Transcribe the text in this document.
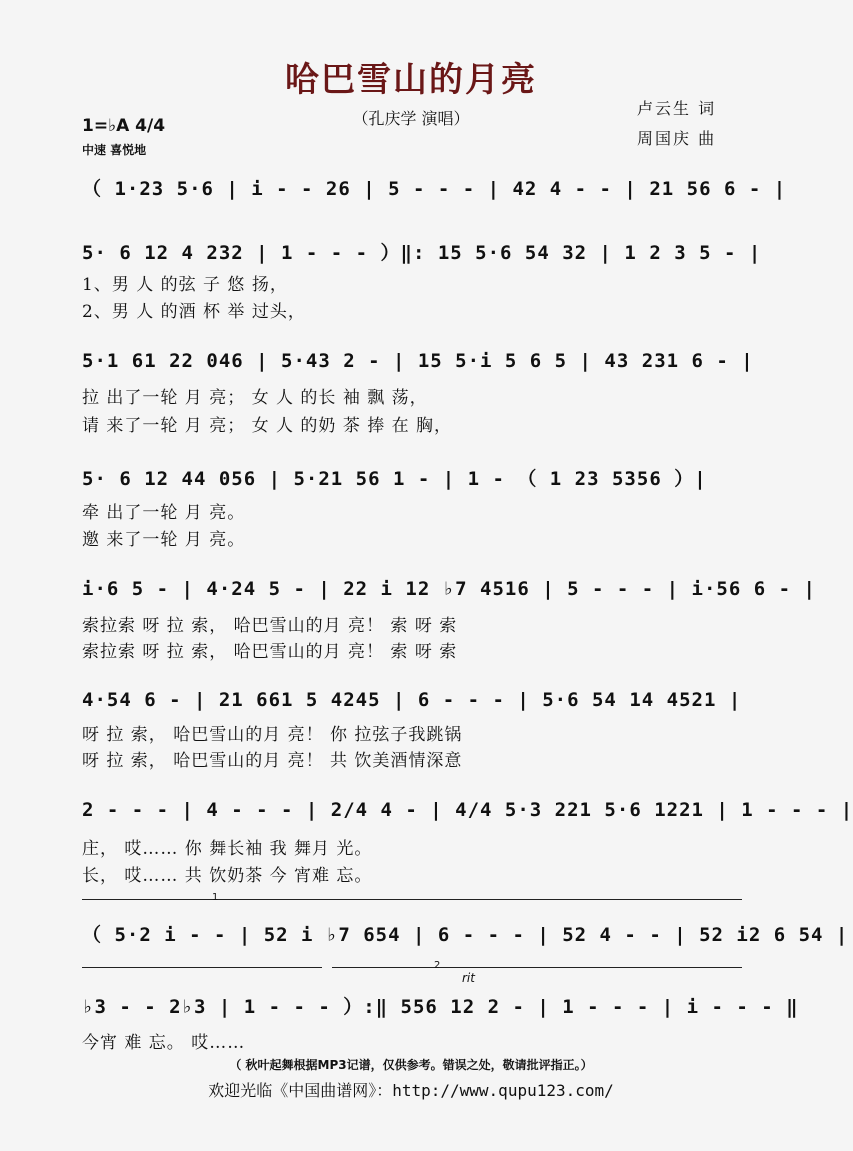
哈巴雪山的月亮
（孔庆学 演唱）
卢云生 词
周国庆 曲
1=♭A 4/4
中速 喜悦地
（ 1·23 5·6 | i - - 26 | 5 - - - | 42 4 - - | 21 56 6 - |
5· 6 12 4 232 | 1 - - - ）‖: 15 5·6 54 32 | 1 2 3 5 - |
1、男 人 的弦 子 悠 扬，
2、男 人 的酒 杯 举 过头，
5·1 61 22 046 | 5·43 2 - | 15 5·i 5 6 5 | 43 231 6 - |
拉 出了一轮 月 亮； 女 人 的长 袖 飘 荡，
请 来了一轮 月 亮； 女 人 的奶 茶 捧 在 胸，
5· 6 12 44 056 | 5·21 56 1 - | 1 - （ 1 23 5356 ）|
牵 出了一轮 月 亮。
邀 来了一轮 月 亮。
i·6 5 - | 4·24 5 - | 22 i 12 ♭7 4516 | 5 - - - | i·56 6 - |
索拉索 呀 拉 索， 哈巴雪山的月 亮！ 索 呀 索
索拉索 呀 拉 索， 哈巴雪山的月 亮！ 索 呀 索
4·54 6 - | 21 661 5 4245 | 6 - - - | 5·6 54 14 4521 |
呀 拉 索， 哈巴雪山的月 亮！ 你 拉弦子我跳锅
呀 拉 索， 哈巴雪山的月 亮！ 共 饮美酒情深意
2 - - - | 4 - - - | 2/4 4 - | 4/4 5·3 221 5·6 1221 | 1 - - - |
庄， 哎…… 你 舞长袖 我 舞月 光。
长， 哎…… 共 饮奶茶 今 宵难 忘。
1
（ 5·2 i - - | 52 i ♭7 654 | 6 - - - | 52 4 - - | 52 i2 6 54 |
2
rit
♭3 - - 2♭3 | 1 - - - ）:‖ 556 12 2 - | 1 - - - | i - - - ‖
今宵 难 忘。 哎……
（ 秋叶起舞根据MP3记谱，仅供参考。错误之处，敬请批评指正。）
欢迎光临《中国曲谱网》：http://www.qupu123.com/
